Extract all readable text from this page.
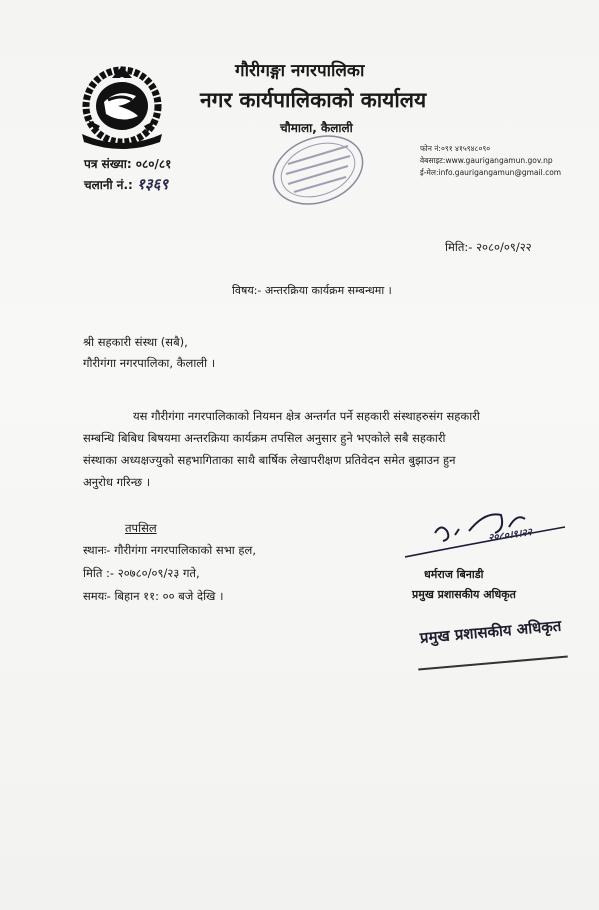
गौरीगङ्गा नगरपालिका
नगर कार्यपालिकाको कार्यालय
चौमाला, कैलाली
पत्र संख्या: ०८०/८१
चलानी नं.: १३६९
फोन नं:०९१ ४१५९४८०९०
वेबसाइट:www.gaurigangamun.gov.np
ई-मेल:info.gaurigangamun@gmail.com
मिति:- २०८०/०९/२२
विषय:- अन्तरक्रिया कार्यक्रम सम्बन्धमा ।
श्री सहकारी संस्था (सबै),
गौरीगंगा नगरपालिका, कैलाली ।
यस गौरीगंगा नगरपालिकाको नियमन क्षेत्र अन्तर्गत पर्ने सहकारी संस्थाहरुसंग सहकारी
सम्बन्धि बिबिध बिषयमा अन्तरक्रिया कार्यक्रम तपसिल अनुसार हुने भएकोले सबै सहकारी
संस्थाका अध्यक्षज्युको सहभागिताका साथै बार्षिक लेखापरीक्षण प्रतिवेदन समेत बुझाउन हुन
अनुरोध गरिन्छ ।
तपसिल
स्थानः- गौरीगंगा नगरपालिकाको सभा हल,
मिति :- २०७८०/०९/२३ गते,
समयः- बिहान ११: ०० बजे देखि ।
२०८०।९।२२
धर्मराज बिनाडी
प्रमुख प्रशासकीय अधिकृत
प्रमुख प्रशासकीय अधिकृत
